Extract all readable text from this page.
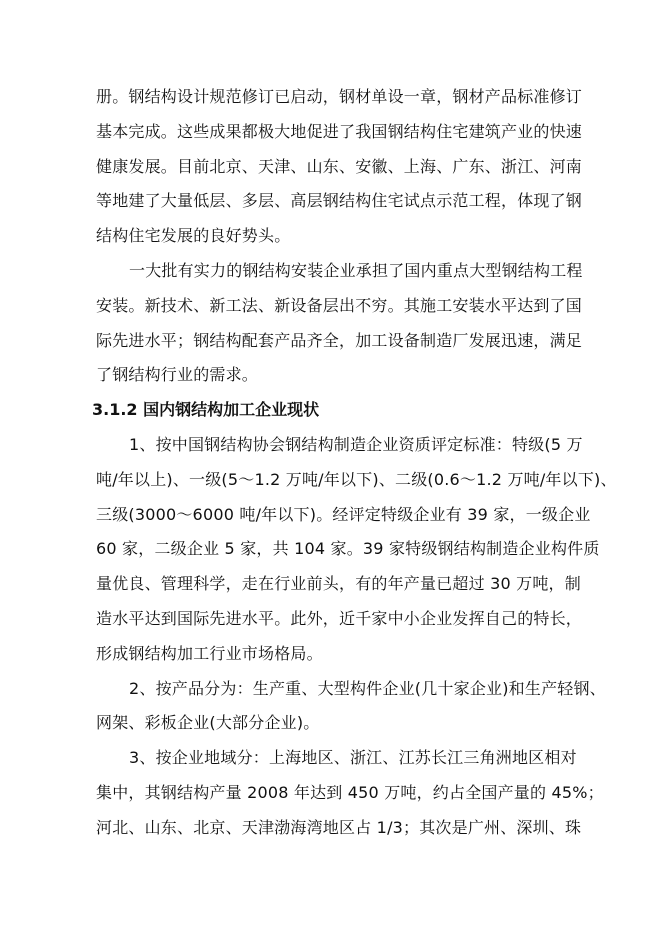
册。钢结构设计规范修订已启动，钢材单设一章，钢材产品标准修订
基本完成。这些成果都极大地促进了我国钢结构住宅建筑产业的快速
健康发展。目前北京、天津、山东、安徽、上海、广东、浙江、河南
等地建了大量低层、多层、高层钢结构住宅试点示范工程，体现了钢
结构住宅发展的良好势头。
一大批有实力的钢结构安装企业承担了国内重点大型钢结构工程
安装。新技术、新工法、新设备层出不穷。其施工安装水平达到了国
际先进水平；钢结构配套产品齐全，加工设备制造厂发展迅速，满足
了钢结构行业的需求。
3.1.2 国内钢结构加工企业现状
1、按中国钢结构协会钢结构制造企业资质评定标准：特级(5 万
吨/年以上)、一级(5～1.2 万吨/年以下)、二级(0.6～1.2 万吨/年以下)、
三级(3000～6000 吨/年以下)。经评定特级企业有 39 家，一级企业
60 家，二级企业 5 家，共 104 家。39 家特级钢结构制造企业构件质
量优良、管理科学，走在行业前头，有的年产量已超过 30 万吨，制
造水平达到国际先进水平。此外，近千家中小企业发挥自己的特长，
形成钢结构加工行业市场格局。
2、按产品分为：生产重、大型构件企业(几十家企业)和生产轻钢、
网架、彩板企业(大部分企业)。
3、按企业地域分：上海地区、浙江、江苏长江三角洲地区相对
集中，其钢结构产量 2008 年达到 450 万吨，约占全国产量的 45%；
河北、山东、北京、天津渤海湾地区占 1/3；其次是广州、深圳、珠
